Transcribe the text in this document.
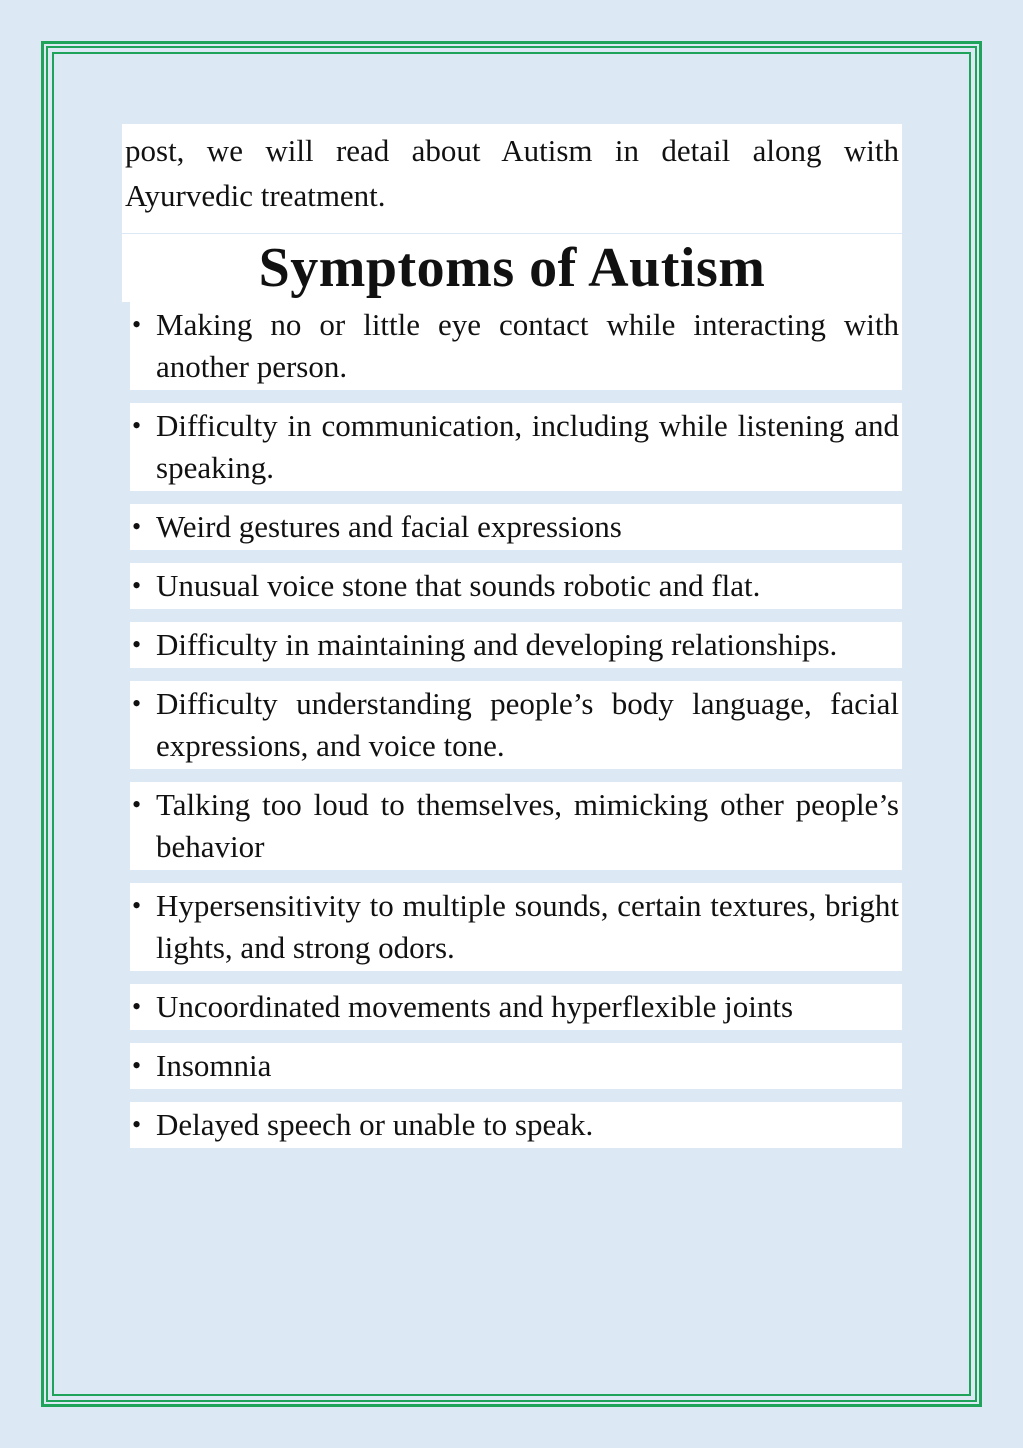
post, we will read about Autism in detail along with Ayurvedic treatment.
Symptoms of Autism
• Making no or little eye contact while interacting with another person.
• Difficulty in communication, including while listening and speaking.
• Weird gestures and facial expressions
• Unusual voice stone that sounds robotic and flat.
• Difficulty in maintaining and developing relationships.
• Difficulty understanding people’s body language, facial expressions, and voice tone.
• Talking too loud to themselves, mimicking other people’s behavior
• Hypersensitivity to multiple sounds, certain textures, bright lights, and strong odors.
• Uncoordinated movements and hyperflexible joints
• Insomnia
• Delayed speech or unable to speak.
